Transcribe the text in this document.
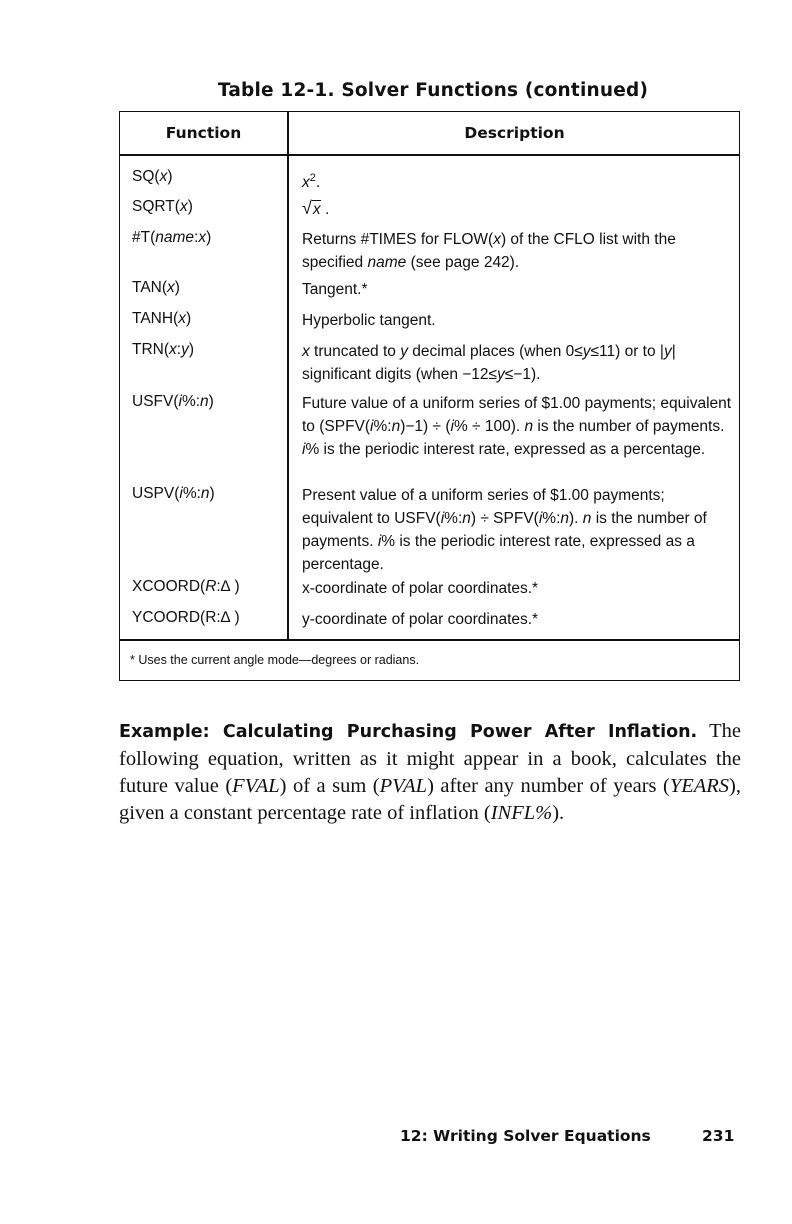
Table 12-1. Solver Functions (continued)
Function	Description
SQ(x)	$x^2$.
SQRT(x)	√x .
#T(name:x)	Returns #TIMES for FLOW(x) of the CFLO list with the specified name (see page 242).
TAN(x)	Tangent.*
TANH(x)	Hyperbolic tangent.
TRN(x:y)	x truncated to y decimal places (when 0≤y≤11) or to |y| significant digits (when −12≤y≤−1).
USFV(i%:n)	Future value of a uniform series of $1.00 payments; equivalent to (SPFV(i%:n)−1) ÷ (i% ÷ 100). n is the number of payments. i% is the periodic interest rate, expressed as a percentage.
USPV(i%:n)	Present value of a uniform series of $1.00 payments; equivalent to USFV(i%:n) ÷ SPFV(i%:n). n is the number of payments. i% is the periodic interest rate, expressed as a percentage.
XCOORD(R:∆ )	x-coordinate of polar coordinates.*
YCOORD(R:∆ )	y-coordinate of polar coordinates.*
* Uses the current angle mode—degrees or radians.
Example: Calculating Purchasing Power After Inflation. The following equation, written as it might appear in a book, calculates the future value (FVAL) of a sum (PVAL) after any number of years (YEARS), given a constant percentage rate of inflation (INFL%).
12: Writing Solver Equations	231
